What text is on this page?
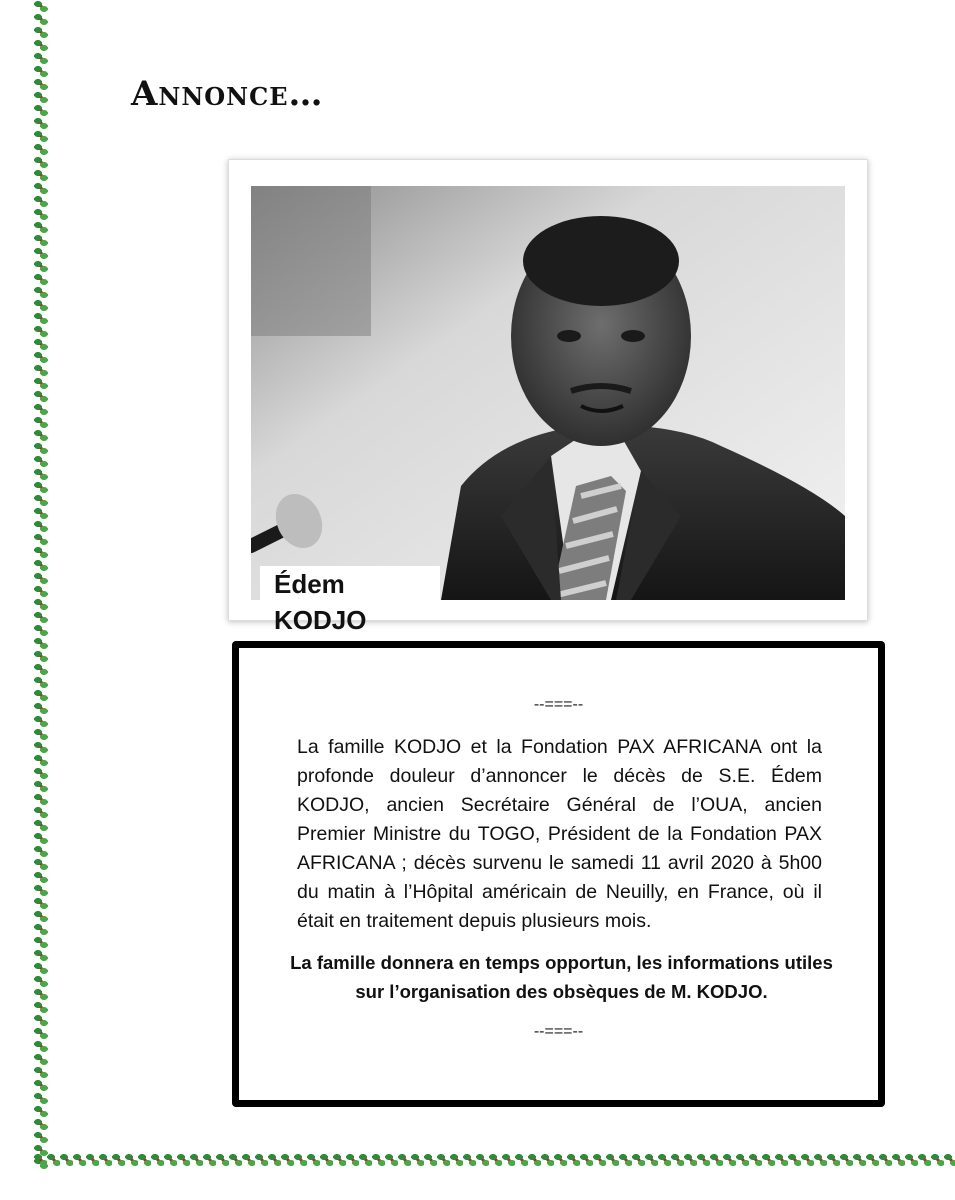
Annonce…
Édem KODJO
--===--
La famille KODJO et la Fondation PAX AFRICANA ont la profonde douleur d’annoncer le décès de S.E. Édem KODJO, ancien Secrétaire Général de l’OUA, ancien Premier Ministre du TOGO, Président de la Fondation PAX AFRICANA ; décès survenu le samedi 11 avril 2020 à 5h00 du matin à l’Hôpital américain de Neuilly, en France, où il était en traitement depuis plusieurs mois.
La famille donnera en temps opportun, les informations utiles sur l’organisation des obsèques de M. KODJO.
--===--
